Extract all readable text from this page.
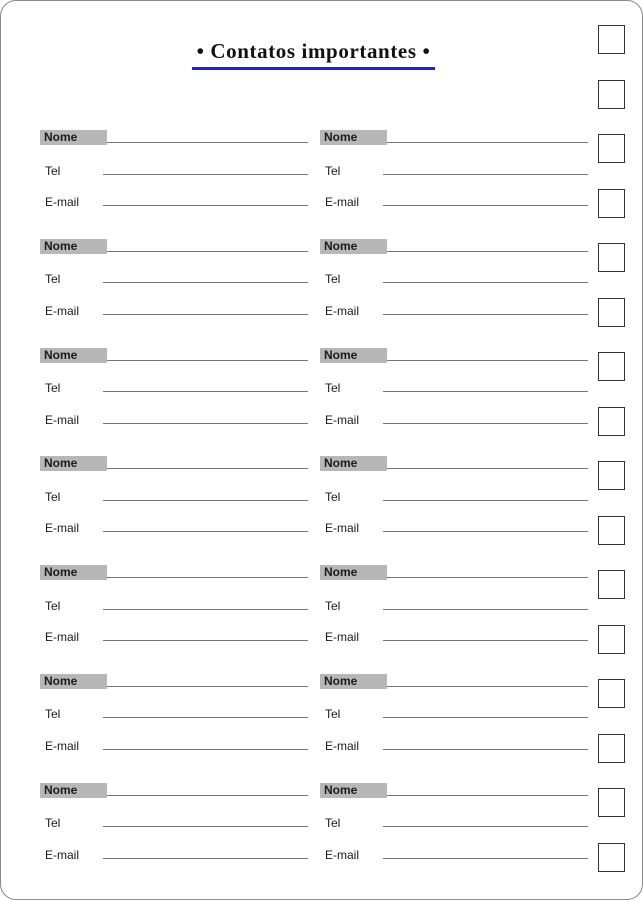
• Contatos importantes •
Nome
Tel
E-mail
Nome
Tel
E-mail
Nome
Tel
E-mail
Nome
Tel
E-mail
Nome
Tel
E-mail
Nome
Tel
E-mail
Nome
Tel
E-mail
Nome
Tel
E-mail
Nome
Tel
E-mail
Nome
Tel
E-mail
Nome
Tel
E-mail
Nome
Tel
E-mail
Nome
Tel
E-mail
Nome
Tel
E-mail
